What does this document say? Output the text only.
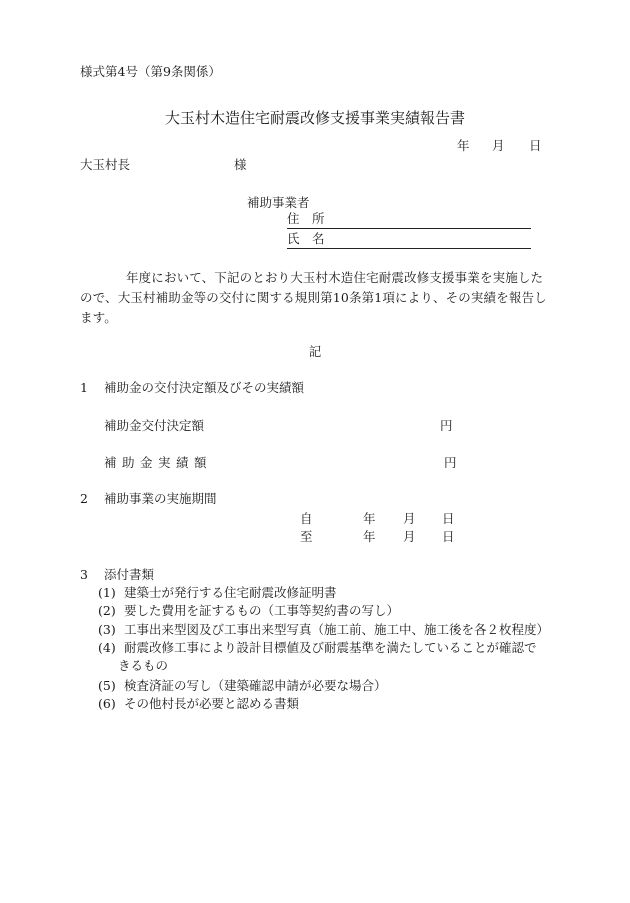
様式第4号（第9条関係）
大玉村木造住宅耐震改修支援事業実績報告書
年 月 日
大玉村長	様
補助事業者
住　所
氏　名
年度において、下記のとおり大玉村木造住宅耐震改修支援事業を実施したので、大玉村補助金等の交付に関する規則第10条第1項により、その実績を報告します。
記
1 補助金の交付決定額及びその実績額
補助金交付決定額	円
補助金実績額	円
2 補助事業の実施期間
自	年 月 日
至	年 月 日
3 添付書類
(1) 建築士が発行する住宅耐震改修証明書
(2) 要した費用を証するもの（工事等契約書の写し）
(3) 工事出来型図及び工事出来型写真（施工前、施工中、施工後を各２枚程度）
(4) 耐震改修工事により設計目標値及び耐震基準を満たしていることが確認で
きるもの
(5) 検査済証の写し（建築確認申請が必要な場合）
(6) その他村長が必要と認める書類
